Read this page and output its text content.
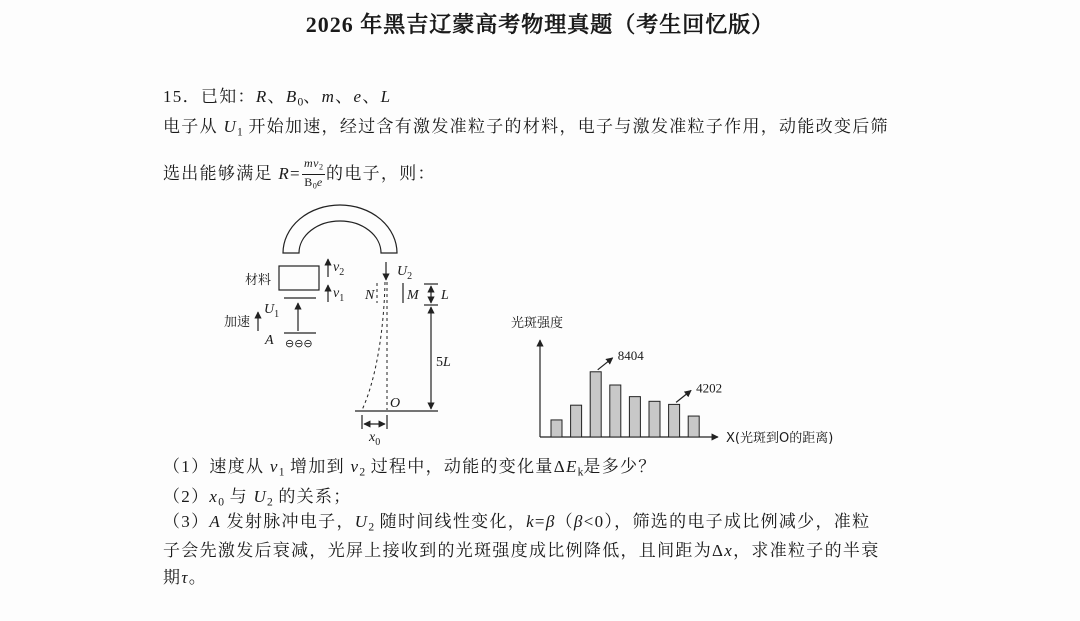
2026 年黑吉辽蒙高考物理真题（考生回忆版）
15．已知：R、$B_0$、m、e、L
电子从 $U_1$ 开始加速，经过含有激发准粒子的材料，电子与激发准粒子作用，动能改变后筛
选出能够满足 $R= \frac{mv_2}{B_0e}$ 的电子，则：
（1）速度从 $v_1$ 增加到 $v_2$ 过程中，动能的变化量$\Delta E_k$是多少？
$(2)x_0$ 与 $U_2$ 的关系；
（3）A 发射脉冲电子，$U_2$ 随时间线性变化，k=β（β<0），筛选的电子成比例减少，准粒
子会先激发后衰减，光屏上接收到的光斑强度成比例降低，且间距为Δx，求准粒子的半衰
期τ。
材料
$v_2$
$v_1$
$U_1$
加速
A ⊖⊖⊖
$U_2$
N M L
5L
O
$x_0$
光斑强度
X(光斑到O的距离)
8404
4202
